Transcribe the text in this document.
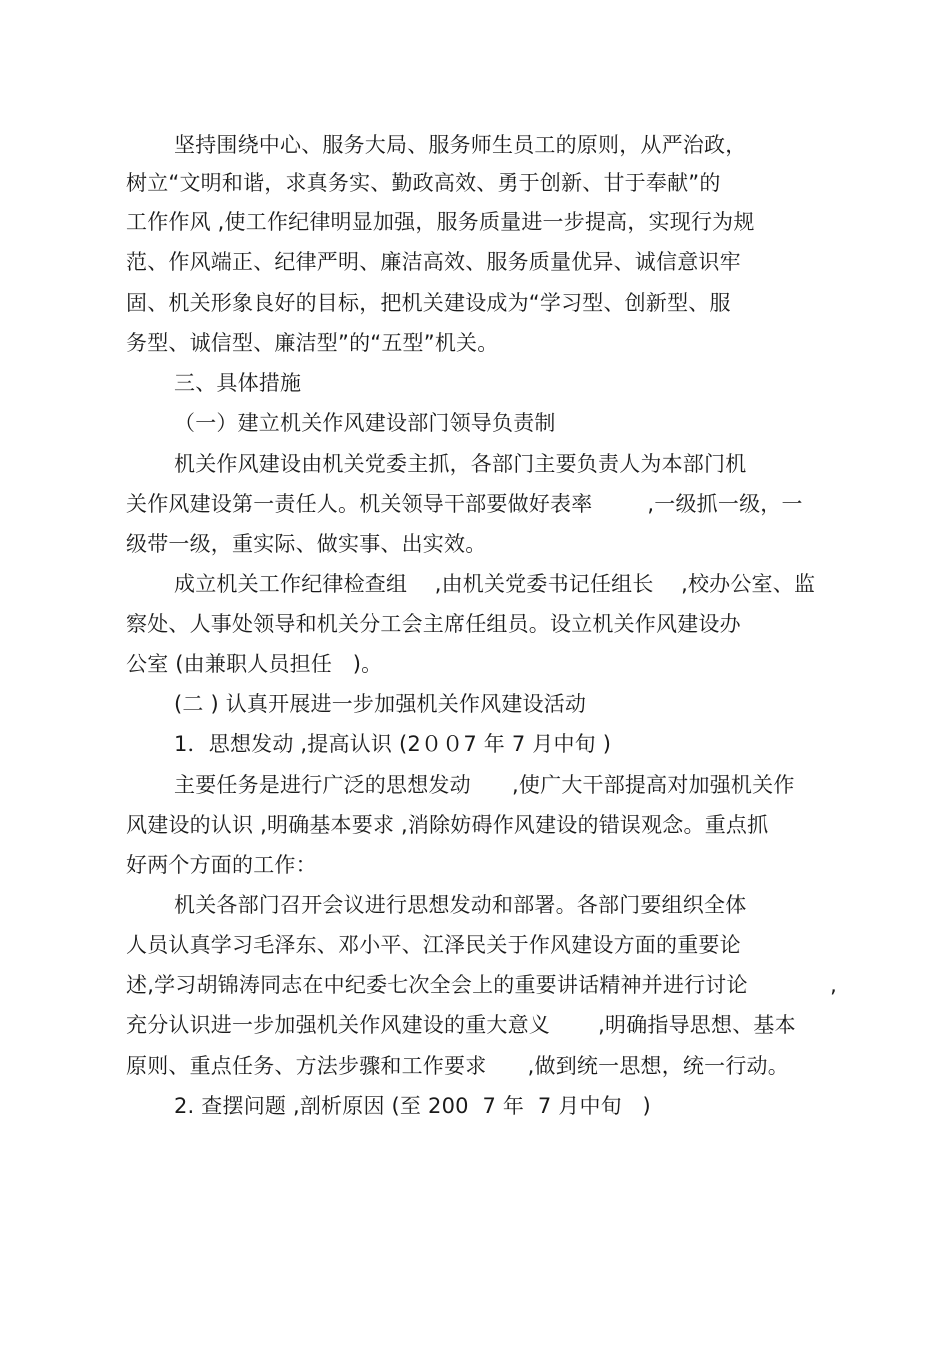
坚持围绕中心、服务大局、服务师生员工的原则，从严治政，
树立“文明和谐，求真务实、勤政高效、勇于创新、甘于奉献”的
工作作风 ,使工作纪律明显加强，服务质量进一步提高，实现行为规
范、作风端正、纪律严明、廉洁高效、服务质量优异、诚信意识牢
固、机关形象良好的目标，把机关建设成为“学习型、创新型、服
务型、诚信型、廉洁型”的“五型”机关。
三、具体措施
（一）建立机关作风建设部门领导负责制
机关作风建设由机关党委主抓，各部门主要负责人为本部门机
关作风建设第一责任人。机关领导干部要做好表率        ,一级抓一级，一
级带一级，重实际、做实事、出实效。
成立机关工作纪律检查组    ,由机关党委书记任组长    ,校办公室、监
察处、人事处领导和机关分工会主席任组员。设立机关作风建设办
公室 (由兼职人员担任   )。
(二 ) 认真开展进一步加强机关作风建设活动
1．思想发动 ,提高认识 (2００7 年 7 月中旬 )
主要任务是进行广泛的思想发动      ,使广大干部提高对加强机关作
风建设的认识 ,明确基本要求 ,消除妨碍作风建设的错误观念。重点抓
好两个方面的工作：
机关各部门召开会议进行思想发动和部署。各部门要组织全体
人员认真学习毛泽东、邓小平、江泽民关于作风建设方面的重要论
述,学习胡锦涛同志在中纪委七次全会上的重要讲话精神并进行讨论            ,
充分认识进一步加强机关作风建设的重大意义       ,明确指导思想、基本
原则、重点任务、方法步骤和工作要求      ,做到统一思想，统一行动。
2. 查摆问题 ,剖析原因 (至 200  7 年  7 月中旬   )
